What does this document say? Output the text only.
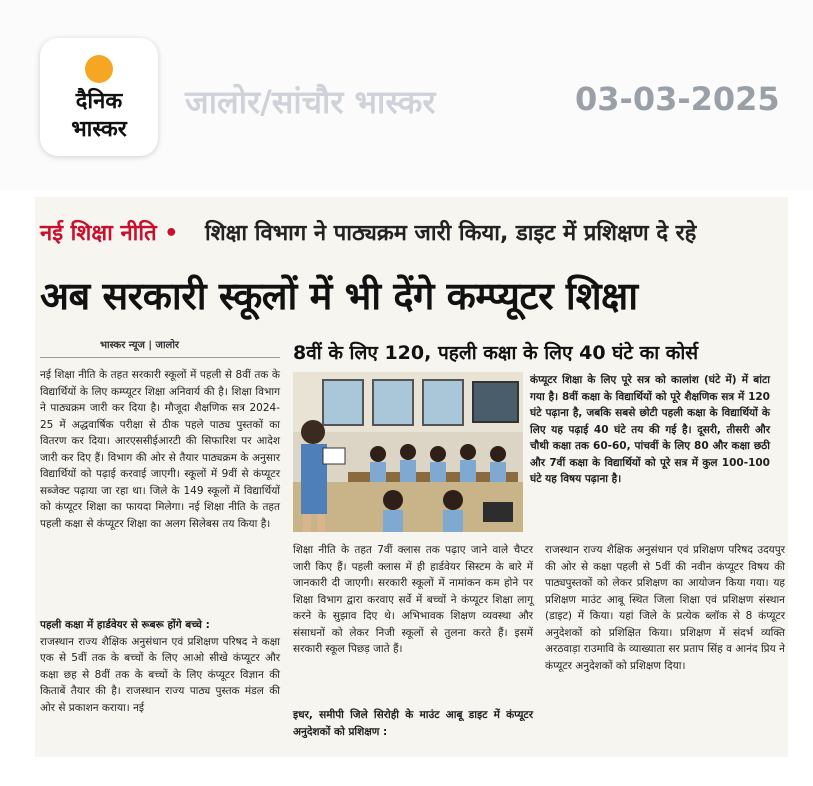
दैनिक
भास्कर
जालोर/सांचौर भास्कर	03-03-2025
नई शिक्षा नीति • शिक्षा विभाग ने पाठ्यक्रम जारी किया, डाइट में प्रशिक्षण दे रहे
अब सरकारी स्कूलों में भी देंगे कम्प्यूटर शिक्षा
भास्कर न्यूज | जालोर	8वीं के लिए 120, पहली कक्षा के लिए 40 घंटे का कोर्स

नई शिक्षा नीति के तहत सरकारी स्कूलों में पहली से 8वीं तक के विद्यार्थियों के लिए कम्प्यूटर शिक्षा अनिवार्य की है। शिक्षा विभाग ने पाठ्यक्रम जारी कर दिया है। मौजूदा शैक्षणिक सत्र 2024-25 में अद्धवार्षिक परीक्षा से ठीक पहले पाठ्य पुस्तकों का वितरण कर दिया। आरएससीईआरटी की सिफारिश पर आदेश जारी कर दिए हैं। विभाग की ओर से तैयार पाठ्यक्रम के अनुसार विद्यार्थियों को पढ़ाई करवाई जाएगी। स्कूलों में 9वीं से कंप्यूटर सब्जेक्ट पढ़ाया जा रहा था। जिले के 149 स्कूलों में विद्यार्थियों को कंप्यूटर शिक्षा का फायदा मिलेगा। नई शिक्षा नीति के तहत पहली कक्षा से कंप्यूटर शिक्षा का अलग सिलेबस तय किया है।

पहली कक्षा में हार्डवेयर से रूबरू होंगे बच्चे :

राजस्थान राज्य शैक्षिक अनुसंधान एवं प्रशिक्षण परिषद ने कक्षा एक से 5वीं तक के बच्चों के लिए आओ सीखे कंप्यूटर और कक्षा छह से 8वीं तक के बच्चों के लिए कंप्यूटर विज्ञान की किताबें तैयार की है। राजस्थान राज्य पाठ्य पुस्तक मंडल की ओर से प्रकाशन कराया। नई

कंप्यूटर शिक्षा के लिए पूरे सत्र को कालांश (घंटे में) में बांटा गया है। 8वीं कक्षा के विद्यार्थियों को पूरे शैक्षणिक सत्र में 120 घंटे पढ़ाना है, जबकि सबसे छोटी पहली कक्षा के विद्यार्थियों के लिए यह पढ़ाई 40 घंटे तय की गई है। दूसरी, तीसरी और चौथी कक्षा तक 60-60, पांचवीं के लिए 80 और कक्षा छठी और 7वीं कक्षा के विद्यार्थियों को पूरे सत्र में कुल 100-100 घंटे यह विषय पढ़ाना है।

शिक्षा नीति के तहत 7वीं क्लास तक पढ़ाए जाने वाले चैप्टर जारी किए हैं। पहली क्लास में ही हार्डवेयर सिस्टम के बारे में जानकारी दी जाएगी। सरकारी स्कूलों में नामांकन कम होने पर शिक्षा विभाग द्वारा करवाए सर्वे में बच्चों ने कंप्यूटर शिक्षा लागू करने के सुझाव दिए थे। अभिभावक शिक्षण व्यवस्था और संसाधनों को लेकर निजी स्कूलों से तुलना करते हैं। इसमें सरकारी स्कूल पिछड़ जाते हैं।

इधर, समीपी जिले सिरोही के माउंट आबू डाइट में कंप्यूटर अनुदेशकों को प्रशिक्षण :

राजस्थान राज्य शैक्षिक अनुसंधान एवं प्रशिक्षण परिषद उदयपुर की ओर से कक्षा पहली से 5वीं की नवीन कंप्यूटर विषय की पाठ्यपुस्तकों को लेकर प्रशिक्षण का आयोजन किया गया। यह प्रशिक्षण माउंट आबू स्थित जिला शिक्षा एवं प्रशिक्षण संस्थान (डाइट) में किया। यहां जिले के प्रत्येक ब्लॉक से 8 कंप्यूटर अनुदेशकों को प्रशिक्षित किया। प्रशिक्षण में संदर्भ व्यक्ति अरठवाड़ा राउमावि के व्याख्याता सर प्रताप सिंह व आनंद प्रिय ने कंप्यूटर अनुदेशकों को प्रशिक्षण दिया।
